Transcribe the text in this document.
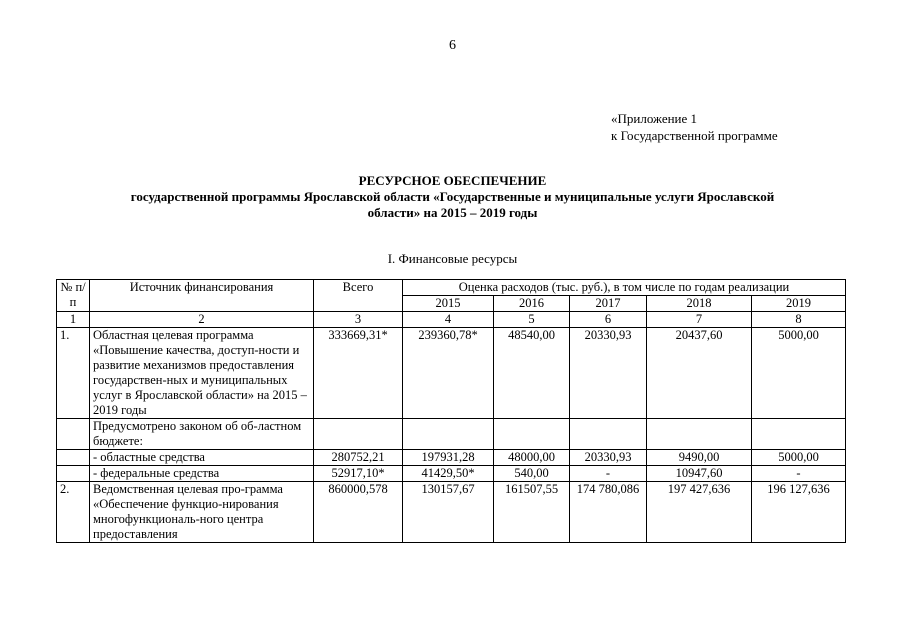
6
«Приложение 1
к Государственной программе
РЕСУРСНОЕ ОБЕСПЕЧЕНИЕ
государственной программы Ярославской области «Государственные и муниципальные услуги Ярославской
области» на 2015 – 2019 годы
I. Финансовые ресурсы
№ п/п	Источник финансирования	Всего	Оценка расходов (тыс. руб.), в том числе по годам реализации				
			2015	2016	2017	2018	2019
1	2	3	4	5	6	7	8
1.	Областная целевая программа «Повышение качества, доступ-ности и развитие механизмов предоставления государствен-ных и муниципальных услуг в Ярославской области» на 2015 – 2019 годы	333669,31*	239360,78*	48540,00	20330,93	20437,60	5000,00
	Предусмотрено законом об об-ластном бюджете:						
	- областные средства	280752,21	197931,28	48000,00	20330,93	9490,00	5000,00
	- федеральные средства	52917,10*	41429,50*	540,00	-	10947,60	-
2.	Ведомственная целевая про-грамма «Обеспечение функцио-нирования многофункциональ-ного центра предоставления	860000,578	130157,67	161507,55	174 780,086	197 427,636	196 127,636
